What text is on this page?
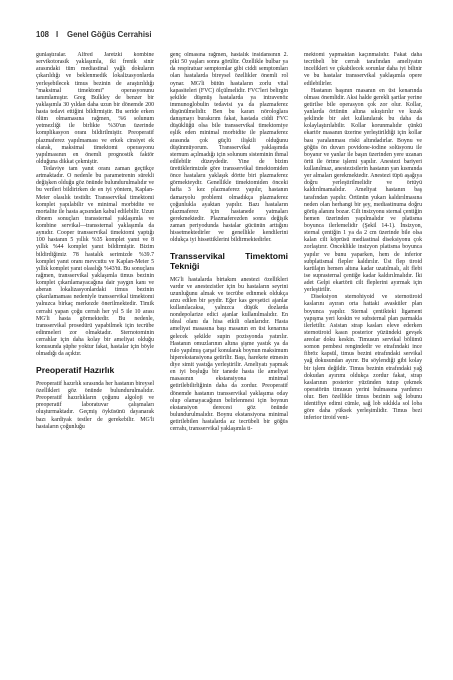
108 I Genel Göğüs Cerrahisi

gunlaştıralar. Alfred Jaretzki kombine servikotorasik yaklaşımla, iki frenik sinir arasındaki tüm mediastinal yağlı dokuların çıkarıldığı ve beklenmedik lokalizasyonlarda yerleşebilecek timus bezinin de araştırıldığı "maksimal timektomi" operasyonunu tanımlamıştır. Greg Bulkley de benzer bir yaklaşımla 30 yıldan daha uzun bir dönemde 200 hasta tedavi ettiğini bildirmiştir. Bu seride erken ölüm olmamasına rağmen, %6 solunum yetmezliği ile birlikte %30'un üzerinde komplikasyon oranı bildirilmiştir. Preoperatif plazmaferez yapılmaması ve erkek cinsiyet ek olarak, maksimal timektomi operasyonu yapılmasının en önemli prognostik faktör olduğuna dikkat çekmiştir.

Tedaviye tam yanıt oranı zaman geçtikçe artmaktadır. O nedenle bu parametrenin sürekli değişken olduğu göz önünde bulundurulmalıdır ve bu verileri bildirirken de en iyi yöntem, Kaplan-Meier olasılık testidir. Transservikal timektomi komplet yapılabilir ve minimal morbidite ve mortalite ile hasta açısından kabul edilebilir. Uzun dönem sonuçları transsternal yaklaşımla ve kombine servikal—transsternal yaklaşımla da aynıdır. Cooper transservikal timektomi yaptığı 100 hastanın 5 yıllık %35 komplet yanıt ve 8 yıllık %44 komplet yanıt bildirmiştir. Bizim bildirdiğimiz 78 hastalık serimizde %39.7 komplet yanıt oranı mevcuttu ve Kaplan-Meier 5 yıllık komplet yanıt olasılığı %43'tü. Bu sonuçlara rağmen, transservikal yaklaşımla timus bezinin komplet çıkarılamayacağına dair yaygın kanı ve aberan lokalizasyonlardaki timus bezinin çıkarılamaması nedeniyle transservikal timektomi yalnızca birkaç merkezde önerilmektedir. Timik cerrahi yapan çoğu cerrah her yıl 5 ile 10 arası MG'li hasta görmektedir. Bu nedenle, transservikal prosedürü yapabilmek için tecrübe edinmeleri zor olmaktadır. Sternotominin cerrahlar için daha kolay bir ameliyat olduğu konusunda şüphe yoktur fakat, hastalar için böyle olmadığı da açıktır.

Preoperatif Hazırlık

Preoperatif hazırlık sırasında her hastanın bireysel özellikleri göz önünde bulundurulmalıdır. Preoperatif hazırlıkların çoğunu algoloji ve preoperatif laboratuvar çalışmaları oluşturmaktadır. Geçmiş öyküsünü dayanarak bazı kardiyak testler de gerekebilir. MG'li hastaların çoğunluğu

genç olmasına rağmen, hastalık insidansının 2. piki 50 yaşları sonra görülür. Özellikle bulbar ya da respiratuar semptomlar gibi ciddi semptomları olan hastalarda bireysel özellikler önemli rol oynar. MG'li bütün hastaların zorlu vital kapasiteleri (FVC) ölçülmelidir. FVC'leri belirgin şekilde düşmüş hastalarda ya intravenöz immunoglobulin tedavisi ya da plazmaferez düşünülmelidir. Ben bu kararı nörologlara danışmayı burakırım fakat, hastada ciddi FVC düşüklüğü olsa bile transservikal timektomiye eşlik eden minimal morbidite ile plazmaferez arasında çok güçlü ilişkili olduğunu düşünmüyorum. Transservikal yaklaşımda sternum açılmadığı için solunum sisteminin ihmal edilebilir düzeydedir. Yine de bizim ürettiklerimizde göre transservikal timektomiden önce hastalarıı yaklaşık dörtte biri plazmaferez görmekteydir. Genellikle timektomiden önceki hafta 3 kez plazmaferez yapılır, hastanın damaryolu problemi olmadıkça plazmaferez çoğunlukla ayaktan yapılır. Bazı hastaların plazmaferez için hastanede yatmaları gerekmektedir. Plazmaferezden sonra değişik zaman periyodunda hastalar gücünün arttığını hissetmektedirler ve genellikle kendilerini oldukça iyi hissettiklerini bildirmektedirler.

Transservikal Timektomi Tekniği

MG'li hastalarda birtakım anestezi özellikleri vardır ve anestezistler için bu hastaların seyrini uzunluğunu almak ve tecrübe edinmek oldukça arzu edilen bir şeydir. Eğer kas gevşetici ajanlar kullanılacaksa, yalnızca düşük dozlarda nondepolarize edici ajanlar kullanılmalıdır. En ideal olanı da hisa etkili olanlarıdır. Hasta ameliyat masasına başı masanın en üst kenarına gelecek şekilde supin pozisyonda yatırılır. Hastanın omuzlarının altına şişme yastık ya da rulo yapılmış çarşaf konularak boynun maksimum hiperekstansiyona getirilir. Başı, harekete etmesin diye simit yastığa yerleştirilir. Ameliyatı yapmak en iyi boşluğu bir tanede hasta ile ameliyat masasının ekstansiyona minimal getirilebilirliğinin daha da zordur. Preoperatif dönemde hastanın transservikal yaklaşıma oday olup olamayacağının belirlenmesi için boynun ekstansiyon derecesi göz önünde bulundurulmalıdır. Boynu ekstansiyona minimal getirilebilen hastalarda az tecrübeli bir göğüs cerrahı, transservikal yaklaşımla ti-

mektomi yapmaktan kaçınmalıdır. Fakat daha tecrübeli bir cerrah tarafından ameliyatın incelikleri ve çıkabilecek sorunlar daha iyi bilinir ve bu hastalar transservikal yaklaşımla opere edilebilirler.

Hastanın başının masanın en üst kenarında olması önemlidir. Aksi halde gerekli şartlar yerine getirilse bile operasyon çok zor olur. Kollar, yanlarda örtünün altına sıkıştırılır ve kızak şeklinde bir alet kullanılarak bu daha da kolaylaştırılabilir. Kollar korunmalıdır çünkü ekartör masanın üzerine yerleştirildiği için kollar bası yaralanması riski altındadırlar. Boynu ve göğüs ön duvarı povidone-iodine solüsyonu ile boyanır ve yanlar ile başın üzerinden yere uzanan örtü ile örtme işlemi yapılır. Anestezi bariyeri kullanılmaz, anestezistlerin hastanın yan kısmında yer almaları gerekmektedir. Anestezi tüpü aşağıya doğru yerleştirilmelidir ve örtüyü kaldırılmamalıdır. Ameliyat hastanın baş tarafından yapılır. Örtünün yukarı kaldırılmasına neden olan herhangi bir şey, mediastinuma doğru görüş alanını bozar. Cilt insizyonu sternal çentiğin hemen üzerinden yapılmalıdır ve platisma boyunca ilerlemelidir (Şekil 14-1). İnsizyon, sternal çentiğin 1 ya da 2 cm üzerinde bile olsa kalan cilt köprüsü mediastinal diseksiyonu çok zorlaştırır. Önceklikle insizyon platisma boyunca yapılır ve bunu yaparken, hem de inferior subplatismal flepler kaldırılır. Üst flep tiroid kartilajın hemen altına kadar uzatılmalı, alt flebi ise suprasternal çentiğe kadar kaldırılmalıdır. İki adet Gelpi ekartörü cilt fleplerini ayırmak için yerleştirilir.

Diseksiyon sternohiyoid ve sternotiroid kaslarını ayıran orta hattaki avasküler plan boyunca yapılır. Sternal çentikteki ligament yapışma yeri keskin ve substernal plan parmakla ilerletilir. Asistan strap kasları eleve ederken sternotiroid kasın posterior yüzündeki gevşek areolar doku keskin. Timusun servikal bölümü somon pembesi rengindedir ve etrafındaki ince fibröz kapsül, timus bezini etrafındaki servikal yağ dokusundan ayırır. Bu söylendiği gibi kolay bir işlem değildir. Timus bezinin etrafındaki yağ dokudan ayırımı oldukça zordur fakat, strap kaslarının posterior yüzünden tutup çekmek operatörün timusun yerini bulmasına yardımcı olur. Ben özellikle timus bezinin sağ lobunu identifiye edimi cümle, sağ lob sıklıkla sol loba göre daha yüksek yerleşimlidir. Timus bezi inferior tiroid veni-
